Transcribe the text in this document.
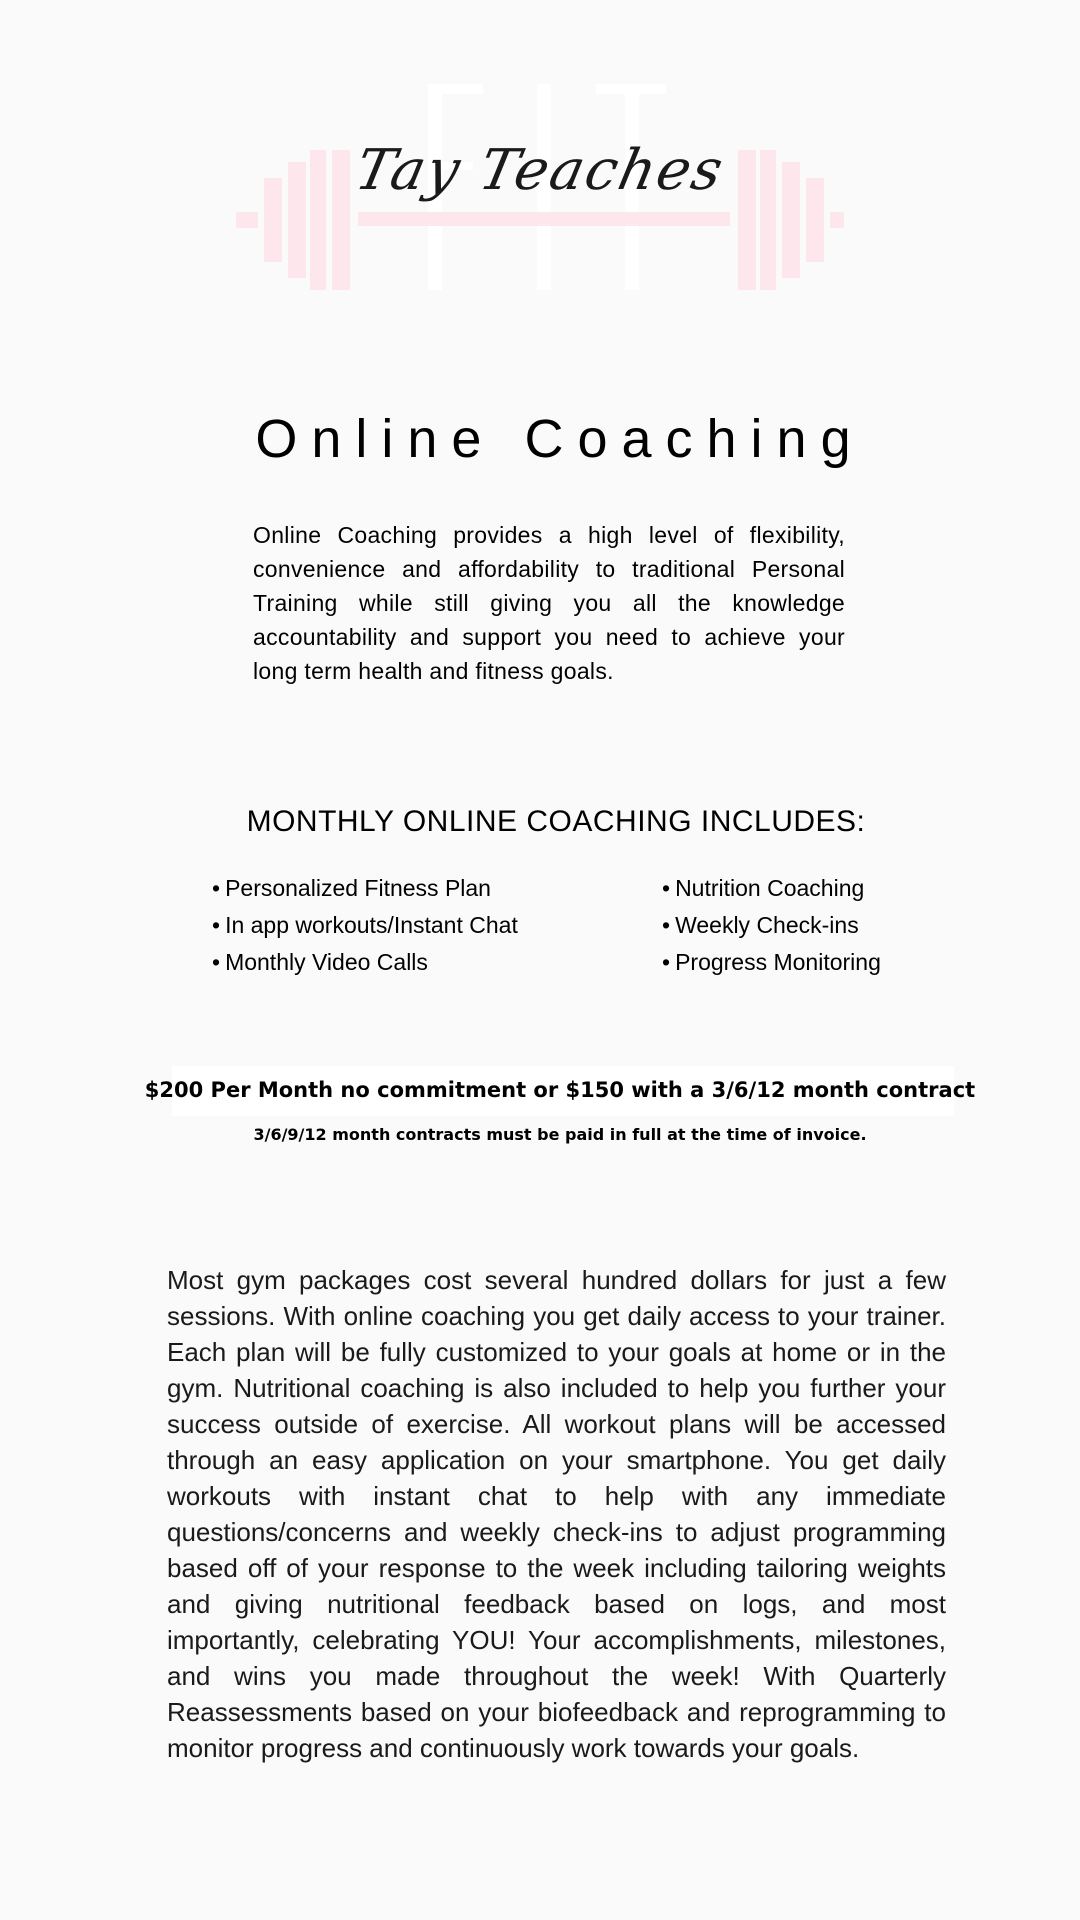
Tay Teaches
Online Coaching

Online Coaching provides a high level of flexibility, convenience and affordability to traditional Personal Training while still giving you all the knowledge accountability and support you need to achieve your long term health and fitness goals.

MONTHLY ONLINE COACHING INCLUDES:
• Personalized Fitness Plan
• In app workouts/Instant Chat
• Monthly Video Calls
• Nutrition Coaching
• Weekly Check-ins
• Progress Monitoring
$200 Per Month no commitment or $150 with a 3/6/12 month contract
3/6/9/12 month contracts must be paid in full at the time of invoice.

Most gym packages cost several hundred dollars for just a few sessions. With online coaching you get daily access to your trainer. Each plan will be fully customized to your goals at home or in the gym. Nutritional coaching is also included to help you further your success outside of exercise. All workout plans will be accessed through an easy application on your smartphone. You get daily workouts with instant chat to help with any immediate questions/concerns and weekly check-ins to adjust programming based off of your response to the week including tailoring weights and giving nutritional feedback based on logs, and most importantly, celebrating YOU! Your accomplishments, milestones, and wins you made throughout the week! With Quarterly Reassessments based on your biofeedback and reprogramming to monitor progress and continuously work towards your goals.
